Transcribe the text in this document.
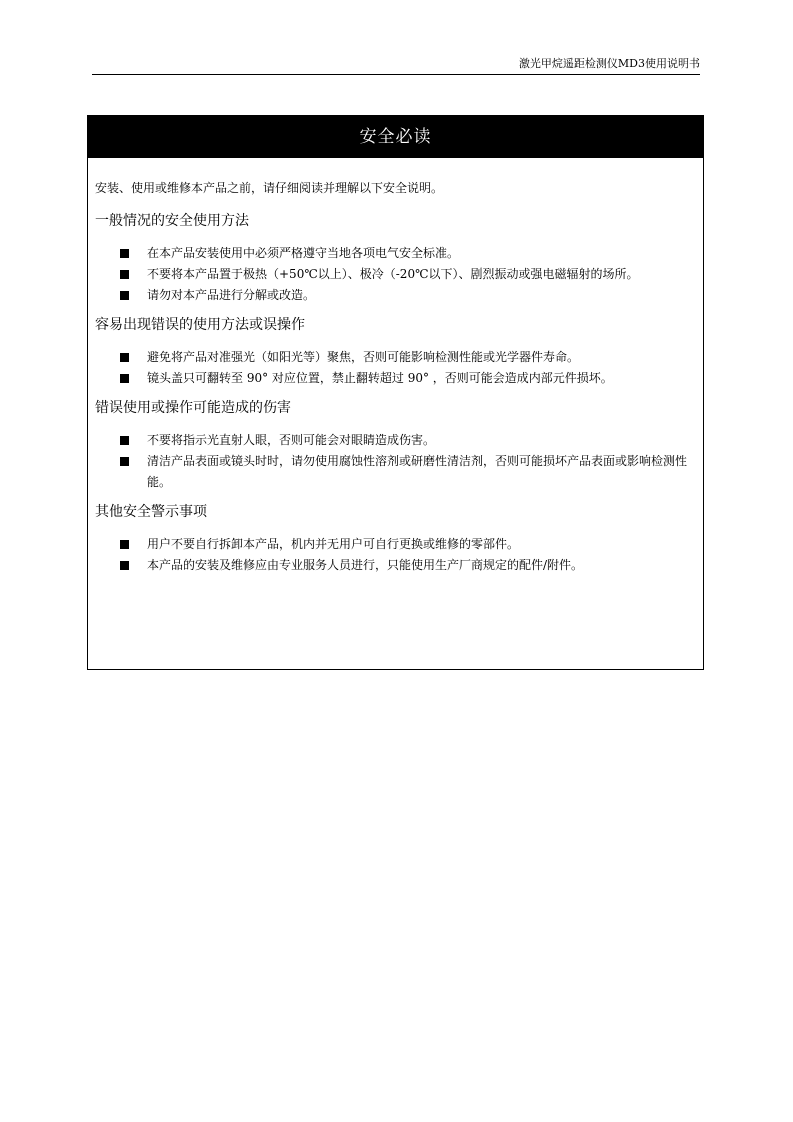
激光甲烷遥距检测仪MD3使用说明书
安全必读
安装、使用或维修本产品之前，请仔细阅读并理解以下安全说明。
一般情况的安全使用方法
在本产品安装使用中必须严格遵守当地各项电气安全标准。
不要将本产品置于极热（+50℃以上）、极冷（-20℃以下）、剧烈振动或强电磁辐射的场所。
请勿对本产品进行分解或改造。
容易出现错误的使用方法或误操作
避免将产品对准强光（如阳光等）聚焦，否则可能影响检测性能或光学器件寿命。
镜头盖只可翻转至 90° 对应位置，禁止翻转超过 90° ，否则可能会造成内部元件损坏。
错误使用或操作可能造成的伤害
不要将指示光直射人眼，否则可能会对眼睛造成伤害。
清洁产品表面或镜头时时，请勿使用腐蚀性溶剂或研磨性清洁剂，否则可能损坏产品表面或影响检测性能。
其他安全警示事项
用户不要自行拆卸本产品，机内并无用户可自行更换或维修的零部件。
本产品的安装及维修应由专业服务人员进行，只能使用生产厂商规定的配件/附件。
